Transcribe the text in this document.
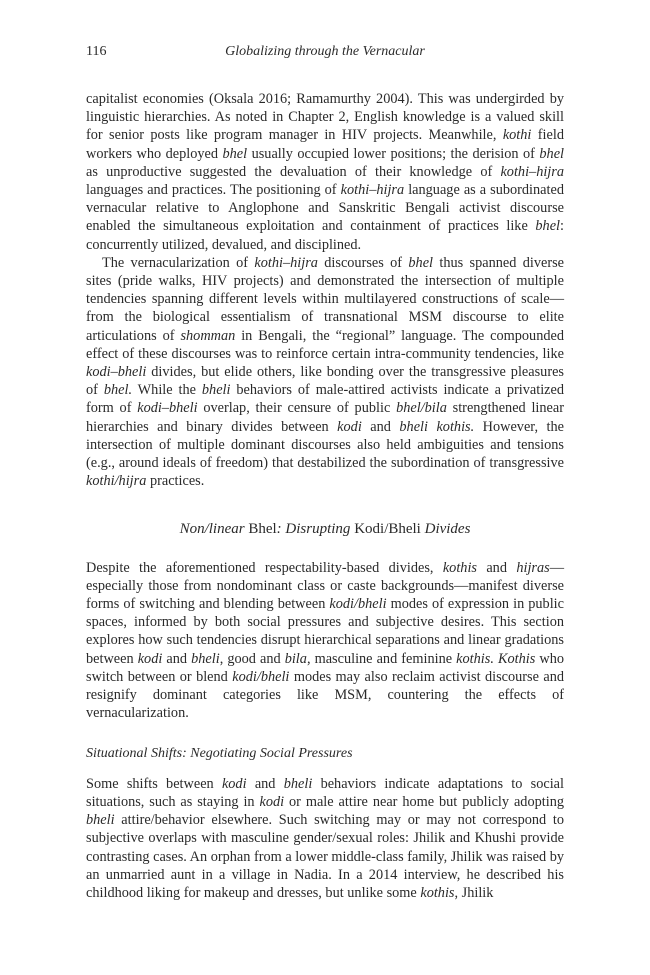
116	Globalizing through the Vernacular

capitalist economies (Oksala 2016; Ramamurthy 2004). This was undergirded by linguistic hierarchies. As noted in Chapter 2, English knowledge is a valued skill for senior posts like program manager in HIV projects. Meanwhile, kothi field workers who deployed bhel usually occupied lower positions; the derision of bhel as unproductive suggested the devaluation of their knowledge of kothi–hijra languages and practices. The positioning of kothi–hijra language as a subordinated vernacular relative to Anglophone and Sanskritic Bengali activist discourse enabled the simultaneous exploitation and containment of practices like bhel: concurrently utilized, devalued, and disciplined.

The vernacularization of kothi–hijra discourses of bhel thus spanned diverse sites (pride walks, HIV projects) and demonstrated the intersection of multiple tendencies spanning different levels within multilayered constructions of scale—from the biological essentialism of transnational MSM discourse to elite articulations of shomman in Bengali, the “regional” language. The compounded effect of these discourses was to reinforce certain intra-community tendencies, like kodi–bheli divides, but elide others, like bonding over the transgressive pleasures of bhel. While the bheli behaviors of male-attired activists indicate a privatized form of kodi–bheli overlap, their censure of public bhel/bila strengthened linear hierarchies and binary divides between kodi and bheli kothis. However, the intersection of multiple dominant discourses also held ambiguities and tensions (e.g., around ideals of freedom) that destabilized the subordination of transgressive kothi/hijra practices.

Non/linear Bhel: Disrupting Kodi/Bheli Divides

Despite the aforementioned respectability-based divides, kothis and hijras—especially those from nondominant class or caste backgrounds—manifest diverse forms of switching and blending between kodi/bheli modes of expression in public spaces, informed by both social pressures and subjective desires. This section explores how such tendencies disrupt hierarchical separations and linear gradations between kodi and bheli, good and bila, masculine and feminine kothis. Kothis who switch between or blend kodi/bheli modes may also reclaim activist discourse and resignify dominant categories like MSM, countering the effects of vernacularization.

Situational Shifts: Negotiating Social Pressures

Some shifts between kodi and bheli behaviors indicate adaptations to social situations, such as staying in kodi or male attire near home but publicly adopting bheli attire/behavior elsewhere. Such switching may or may not correspond to subjective overlaps with masculine gender/sexual roles: Jhilik and Khushi provide contrasting cases. An orphan from a lower middle-class family, Jhilik was raised by an unmarried aunt in a village in Nadia. In a 2014 interview, he described his childhood liking for makeup and dresses, but unlike some kothis, Jhilik
